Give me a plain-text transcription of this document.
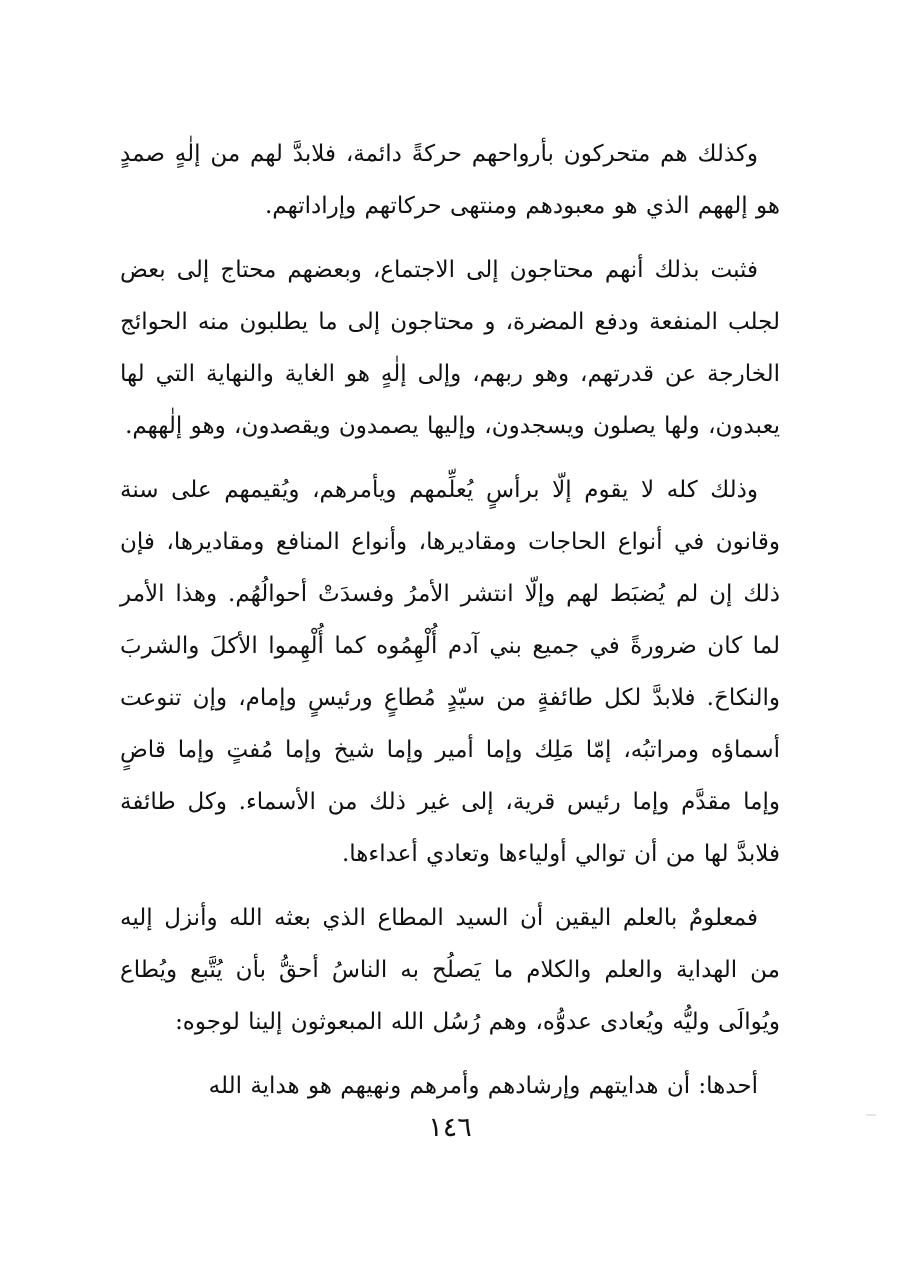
وكذلك هم متحركون بأرواحهم حركةً دائمة، فلابدَّ لهم من إلٰهٍ صمدٍ هو إلههم الذي هو معبودهم ومنتهى حركاتهم وإراداتهم.

فثبت بذلك أنهم محتاجون إلى الاجتماع، وبعضهم محتاج إلى بعض لجلب المنفعة ودفع المضرة، و محتاجون إلى ما يطلبون منه الحوائج الخارجة عن قدرتهم، وهو ربهم، وإلى إلٰهٍ هو الغاية والنهاية التي لها يعبدون، ولها يصلون ويسجدون، وإليها يصمدون ويقصدون، وهو إلٰههم.

وذلك كله لا يقوم إلّا برأسٍ يُعلِّمهم ويأمرهم، ويُقيمهم على سنة وقانون في أنواع الحاجات ومقاديرها، وأنواع المنافع ومقاديرها، فإن ذلك إن لم يُضبَط لهم وإلّا انتشر الأمرُ وفسدَتْ أحوالُهُم. وهذا الأمر لما كان ضرورةً في جميع بني آدم أُلْهِمُوه كما أُلْهِموا الأكلَ والشربَ والنكاحَ. فلابدَّ لكل طائفةٍ من سيّدٍ مُطاعٍ ورئيسٍ وإمام، وإن تنوعت أسماؤه ومراتبُه، إمّا مَلِك وإما أمير وإما شيخ وإما مُفتٍ وإما قاضٍ وإما مقدَّم وإما رئيس قرية، إلى غير ذلك من الأسماء. وكل طائفة فلابدَّ لها من أن توالي أولياءها وتعادي أعداءها.

فمعلومٌ بالعلم اليقين أن السيد المطاع الذي بعثه الله وأنزل إليه من الهداية والعلم والكلام ما يَصلُح به الناسُ أحقُّ بأن يُتَّبع ويُطاع ويُوالَى وليُّه ويُعادى عدوُّه، وهم رُسُل الله المبعوثون إلينا لوجوه:

أحدها: أن هدايتهم وإرشادهم وأمرهم ونهيهم هو هداية الله

١٤٦
